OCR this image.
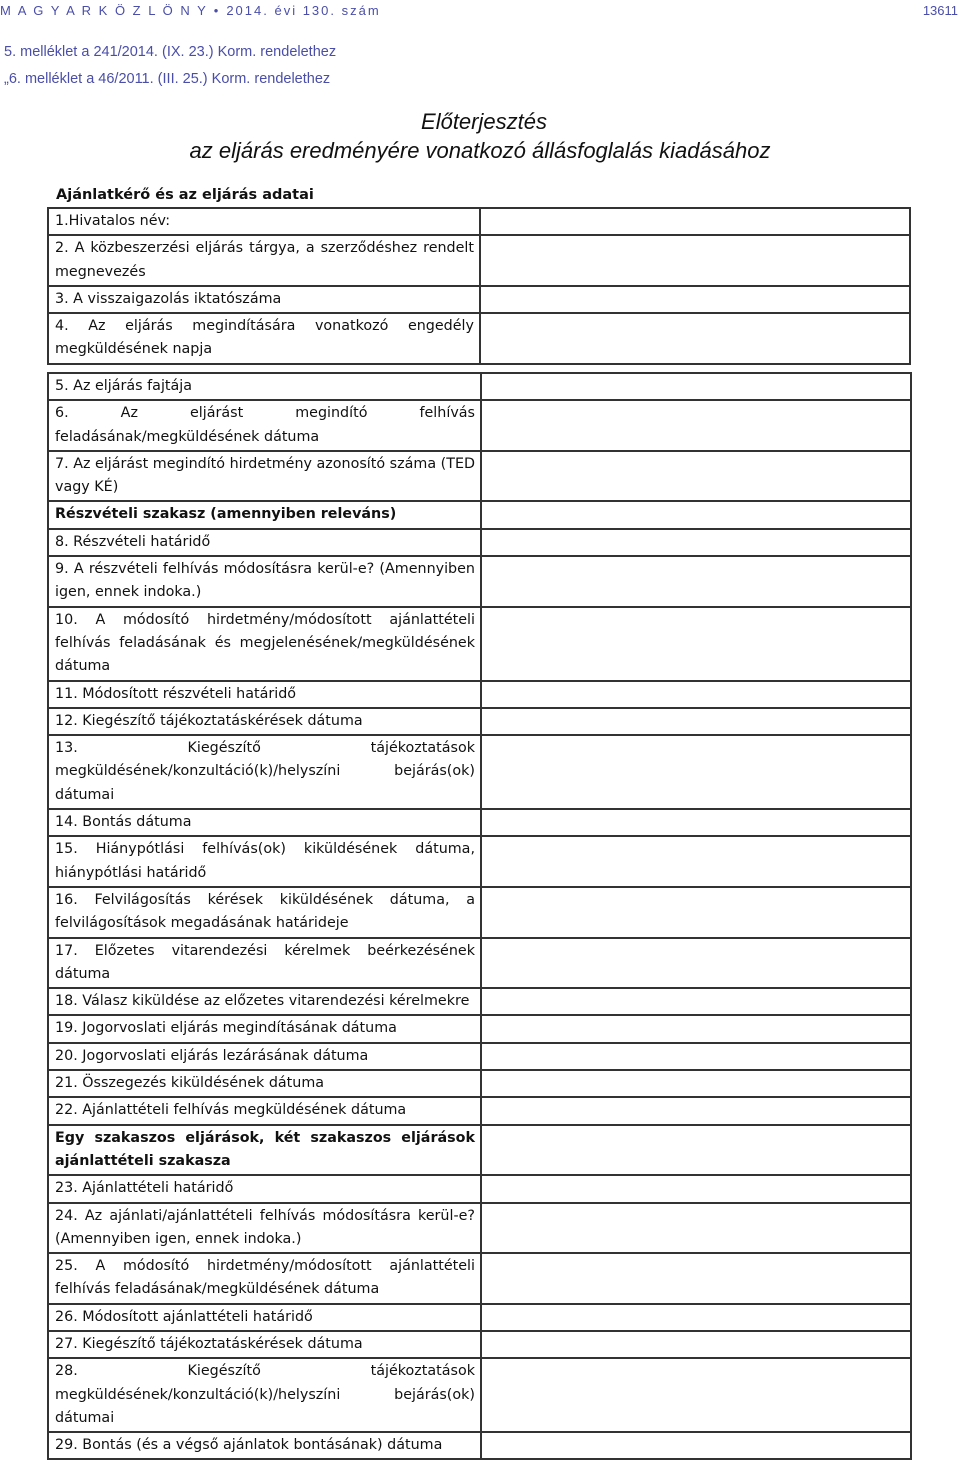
M A G Y A R K Ö Z L Ö N Y • 2014. évi 130. szám	13611
5. melléklet a 241/2014. (IX. 23.) Korm. rendelethez
„6. melléklet a 46/2011. (III. 25.) Korm. rendelethez
Előterjesztés
az eljárás eredményére vonatkozó állásfoglalás kiadásához
Ajánlatkérő és az eljárás adatai
1.Hivatalos név:	
2. A közbeszerzési eljárás tárgya, a szerződéshez rendelt megnevezés	
3. A visszaigazolás iktatószáma	
4. Az eljárás megindítására vonatkozó engedély megküldésének napja	
5. Az eljárás fajtája	
6. Az eljárást megindító felhívás feladásának/megküldésének dátuma	
7. Az eljárást megindító hirdetmény azonosító száma (TED vagy KÉ)	
Részvételi szakasz (amennyiben releváns)	
8. Részvételi határidő	
9. A részvételi felhívás módosításra kerül-e? (Amennyiben igen, ennek indoka.)	
10. A módosító hirdetmény/módosított ajánlattételi felhívás feladásának és megjelenésének/megküldésének dátuma	
11. Módosított részvételi határidő	
12. Kiegészítő tájékoztatáskérések dátuma	
13. Kiegészítő tájékoztatások megküldésének/konzultáció(k)/helyszíni bejárás(ok) dátumai	
14. Bontás dátuma	
15. Hiánypótlási felhívás(ok) kiküldésének dátuma, hiánypótlási határidő	
16. Felvilágosítás kérések kiküldésének dátuma, a felvilágosítások megadásának határideje	
17. Előzetes vitarendezési kérelmek beérkezésének dátuma	
18. Válasz kiküldése az előzetes vitarendezési kérelmekre	
19. Jogorvoslati eljárás megindításának dátuma	
20. Jogorvoslati eljárás lezárásának dátuma	
21. Összegezés kiküldésének dátuma	
22. Ajánlattételi felhívás megküldésének dátuma	
Egy szakaszos eljárások, két szakaszos eljárások ajánlattételi szakasza	
23. Ajánlattételi határidő	
24. Az ajánlati/ajánlattételi felhívás módosításra kerül-e? (Amennyiben igen, ennek indoka.)	
25. A módosító hirdetmény/módosított ajánlattételi felhívás feladásának/megküldésének dátuma	
26. Módosított ajánlattételi határidő	
27. Kiegészítő tájékoztatáskérések dátuma	
28. Kiegészítő tájékoztatások megküldésének/konzultáció(k)/helyszíni bejárás(ok) dátumai	
29. Bontás (és a végső ajánlatok bontásának) dátuma	
